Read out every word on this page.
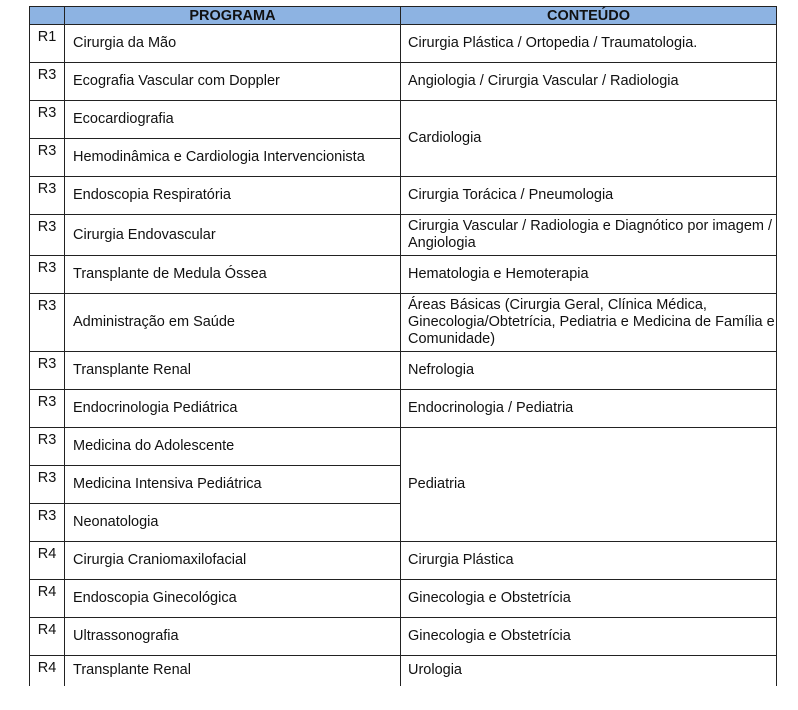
	PROGRAMA	CONTEÚDO
R1	Cirurgia da Mão	Cirurgia Plástica / Ortopedia / Traumatologia.
R3	Ecografia Vascular com Doppler	Angiologia / Cirurgia Vascular / Radiologia
R3	Ecocardiografia	Cardiologia
R3	Hemodinâmica e Cardiologia Intervencionista	
R3	Endoscopia Respiratória	Cirurgia Torácica / Pneumologia
R3	Cirurgia Endovascular	Cirurgia Vascular / Radiologia e Diagnótico por imagem / Angiologia
R3	Transplante de Medula Óssea	Hematologia e Hemoterapia
R3	Administração em Saúde	Áreas Básicas (Cirurgia Geral, Clínica Médica, Ginecologia/Obtetrícia, Pediatria e Medicina de Família e Comunidade)
R3	Transplante Renal	Nefrologia
R3	Endocrinologia Pediátrica	Endocrinologia / Pediatria
R3	Medicina do Adolescente	Pediatria
R3	Medicina Intensiva Pediátrica	
R3	Neonatologia	
R4	Cirurgia Craniomaxilofacial	Cirurgia Plástica
R4	Endoscopia Ginecológica	Ginecologia e Obstetrícia
R4	Ultrassonografia	Ginecologia e Obstetrícia
R4	Transplante Renal	Urologia
